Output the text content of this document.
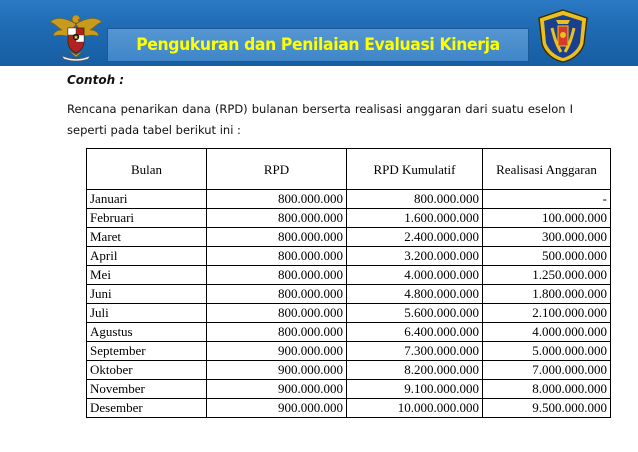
Pengukuran dan Penilaian Evaluasi Kinerja
Contoh :
Rencana penarikan dana (RPD) bulanan berserta realisasi anggaran dari suatu eselon I seperti pada tabel berikut ini :
Bulan	RPD	RPD Kumulatif	Realisasi Anggaran
Januari	800.000.000	800.000.000	-
Februari	800.000.000	1.600.000.000	100.000.000
Maret	800.000.000	2.400.000.000	300.000.000
April	800.000.000	3.200.000.000	500.000.000
Mei	800.000.000	4.000.000.000	1.250.000.000
Juni	800.000.000	4.800.000.000	1.800.000.000
Juli	800.000.000	5.600.000.000	2.100.000.000
Agustus	800.000.000	6.400.000.000	4.000.000.000
September	900.000.000	7.300.000.000	5.000.000.000
Oktober	900.000.000	8.200.000.000	7.000.000.000
November	900.000.000	9.100.000.000	8.000.000.000
Desember	900.000.000	10.000.000.000	9.500.000.000
